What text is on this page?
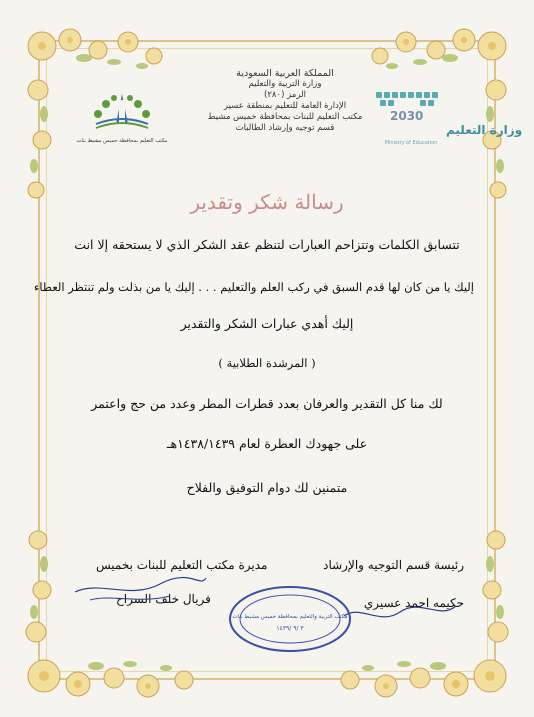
المملكة العربية السعودية
وزارة التربية والتعليم
الرمز (٢٨٠)
الإدارة العامة للتعليم بمنطقة عسير
مكتب التعليم للبنات بمحافظة خميس مشيط
قسم توجيه وإرشاد الطالبات
2030
وزارة التعليم
Ministry of Education
مكتب التعليم بمحافظة خميس مشيط بنات
رسالة شكر وتقدير
تتسابق الكلمات وتتزاحم العبارات لتنظم عقد الشكر الذي لا يستحقه إلا انت
إليك يا من كان لها قدم السبق في ركب العلم والتعليم . . . إليك يا من بذلت ولم تنتظر العطاء
إليك أهدي عبارات الشكر والتقدير
( المرشدة الطلابية )
لك منا كل التقدير والعرفان بعدد قطرات المطر وعدد من حج واعتمر
على جهودك العطرة لعام ١٤٣٨/١٤٣٩هـ
متمنين لك دوام التوفيق والفلاح
رئيسة قسم التوجيه والإرشاد
مديرة مكتب التعليم للبنات بخميس
حكيمه احمد عسيري
فريال خلف السراح
مكتب التربية والتعليم بمحافظة خميس مشيط بنات
٣ /٩ /١٤٣٩
